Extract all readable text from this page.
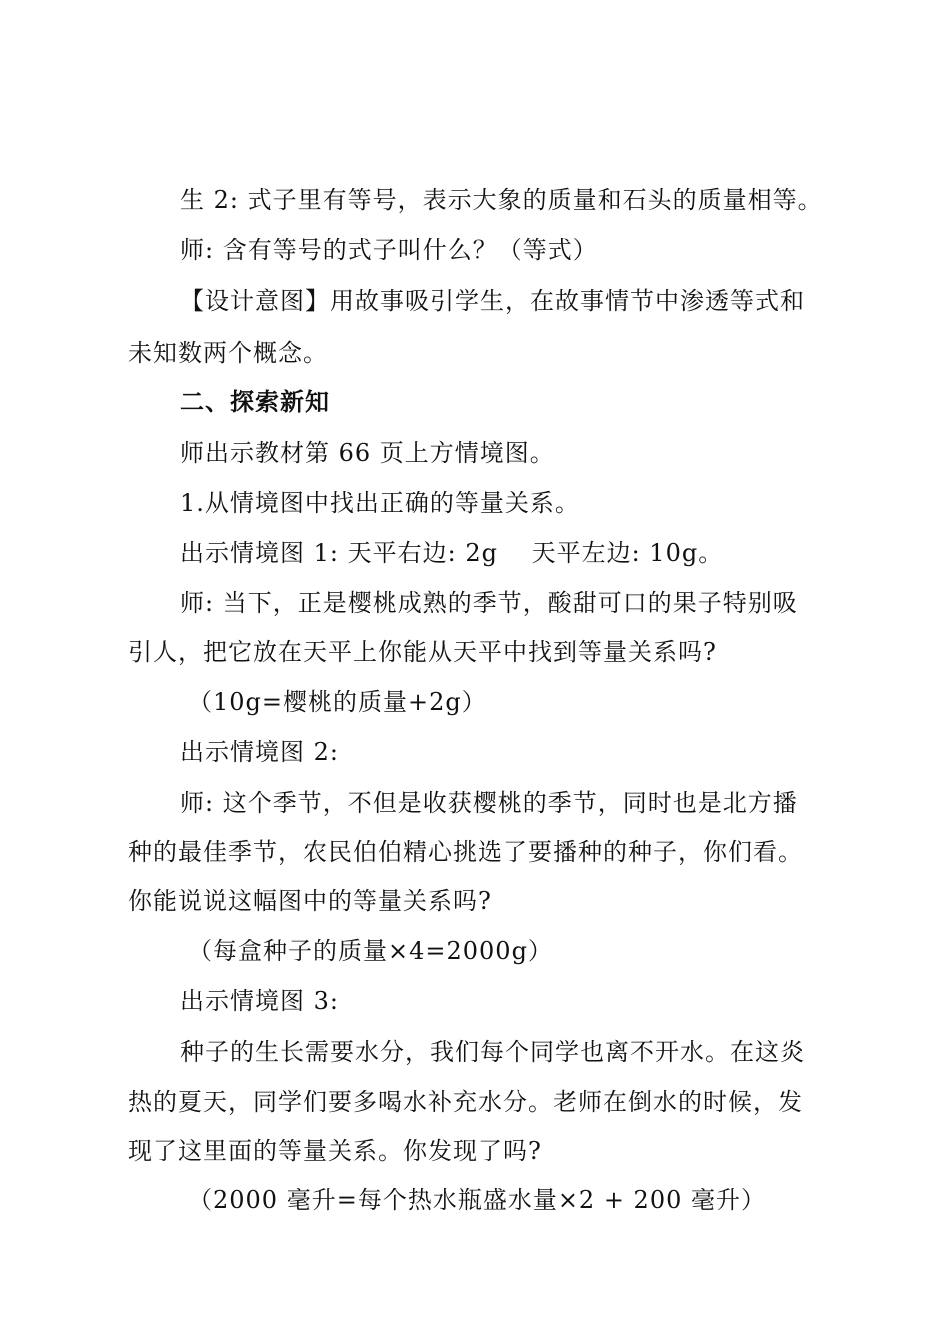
生 2: 式子里有等号，表示大象的质量和石头的质量相等。
师: 含有等号的式子叫什么？（等式）
【设计意图】用故事吸引学生，在故事情节中渗透等式和
未知数两个概念。
二、探索新知
师出示教材第 66 页上方情境图。
1.从情境图中找出正确的等量关系。
出示情境图 1: 天平右边: 2g　 天平左边: 10g。
师: 当下，正是樱桃成熟的季节，酸甜可口的果子特别吸
引人，把它放在天平上你能从天平中找到等量关系吗?
（10g=樱桃的质量+2g）
出示情境图 2:
师: 这个季节，不但是收获樱桃的季节，同时也是北方播
种的最佳季节，农民伯伯精心挑选了要播种的种子，你们看。
你能说说这幅图中的等量关系吗?
（每盒种子的质量×4=2000g）
出示情境图 3:
种子的生长需要水分，我们每个同学也离不开水。在这炎
热的夏天，同学们要多喝水补充水分。老师在倒水的时候，发
现了这里面的等量关系。你发现了吗?
（2000 毫升=每个热水瓶盛水量×2 + 200 毫升）
